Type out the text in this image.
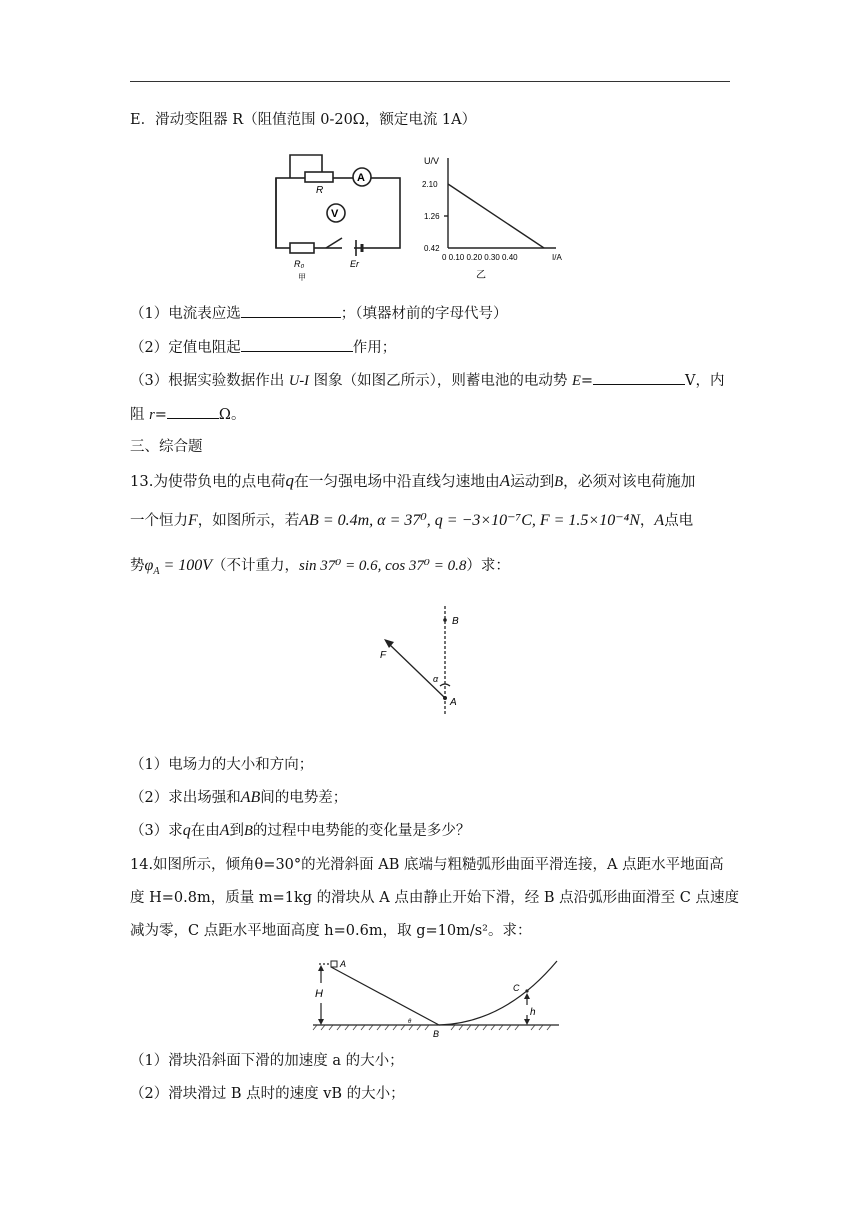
E．滑动变阻器 R（阻值范围 0-20Ω，额定电流 1A）
R
A
V
R₀	Er
甲
U/V
2.10
1.26
0.42
0 0.10 0.20 0.30 0.40	I/A
乙
（1）电流表应选	；（填器材前的字母代号）
（2）定值电阻起	作用；
（3）根据实验数据作出 U-I 图象（如图乙所示），则蓄电池的电动势 E=	V，内
阻 r=	Ω。
三、综合题
13.为使带负电的点电荷q在一匀强电场中沿直线匀速地由A运动到B，必须对该电荷施加
一个恒力F，如图所示，若AB = 0.4m, α = 37⁰, q = −3×10⁻⁷C, F = 1.5×10⁻⁴N，A点电
势$\varphi_A = 100V$（不计重力，sin 37⁰ = 0.6, cos 37⁰ = 0.8）求：
B
F
α
A
（1）电场力的大小和方向；
（2）求出场强和AB间的电势差；
（3）求q在由A到B的过程中电势能的变化量是多少？
14.如图所示，倾角θ=30°的光滑斜面 AB 底端与粗糙弧形曲面平滑连接，A 点距水平地面高
度 H=0.8m，质量 m=1kg 的滑块从 A 点由静止开始下滑，经 B 点沿弧形曲面滑至 C 点速度
减为零，C 点距水平地面高度 h=0.6m，取 g=10m/s²。求：
A
H
θ
B
C
h
（1）滑块沿斜面下滑的加速度 a 的大小；
（2）滑块滑过 B 点时的速度 vB 的大小；
